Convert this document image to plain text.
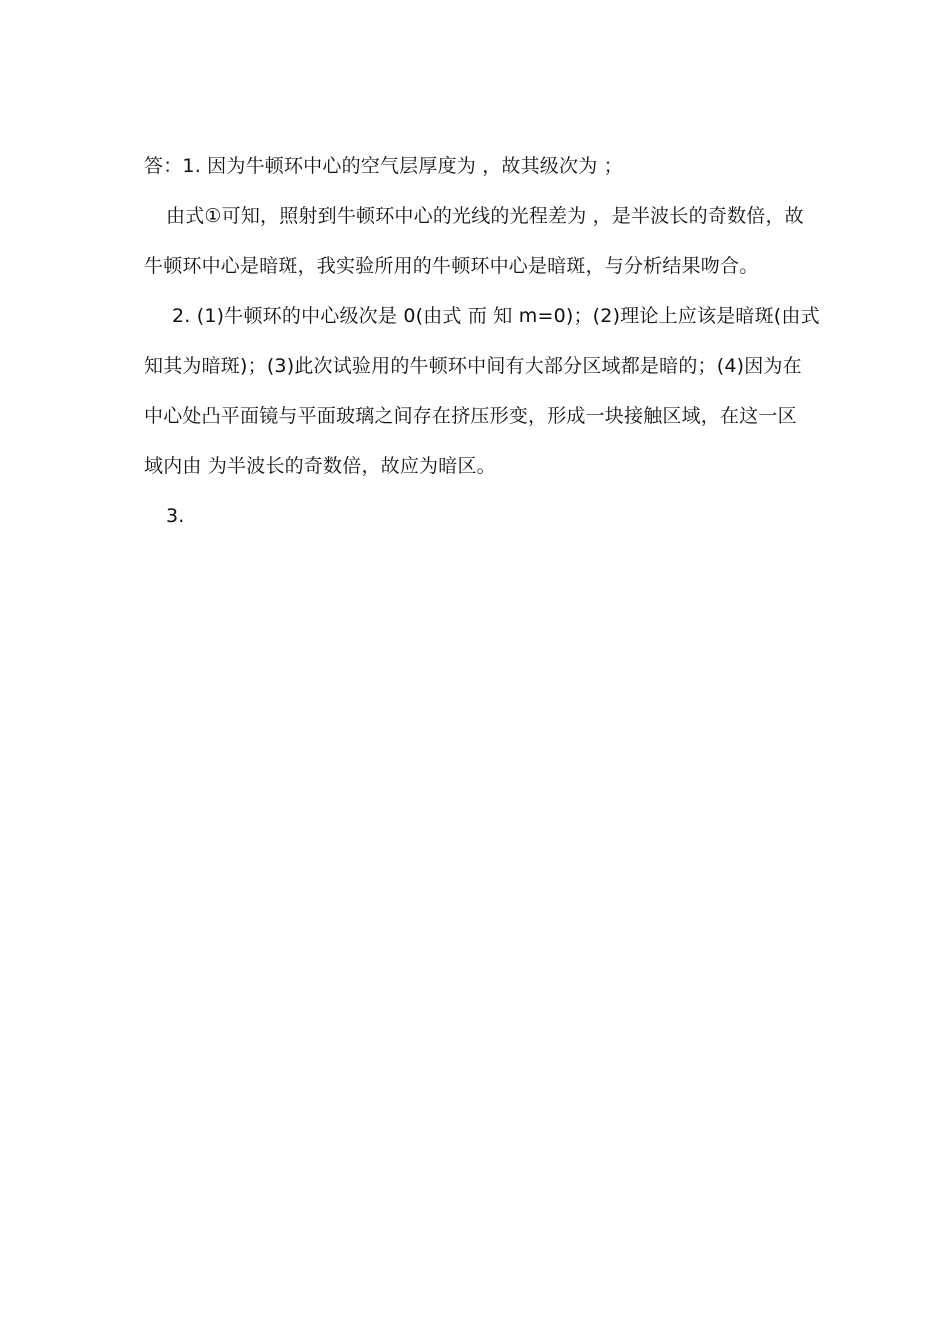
答：1. 因为牛顿环中心的空气层厚度为 ，故其级次为 ；
由式①可知，照射到牛顿环中心的光线的光程差为 ，是半波长的奇数倍，故
牛顿环中心是暗斑，我实验所用的牛顿环中心是暗斑，与分析结果吻合。
2. (1)牛顿环的中心级次是 0(由式 而 知 m=0)；(2)理论上应该是暗斑(由式
知其为暗斑)；(3)此次试验用的牛顿环中间有大部分区域都是暗的；(4)因为在
中心处凸平面镜与平面玻璃之间存在挤压形变，形成一块接触区域，在这一区
域内由 为半波长的奇数倍，故应为暗区。
3.
